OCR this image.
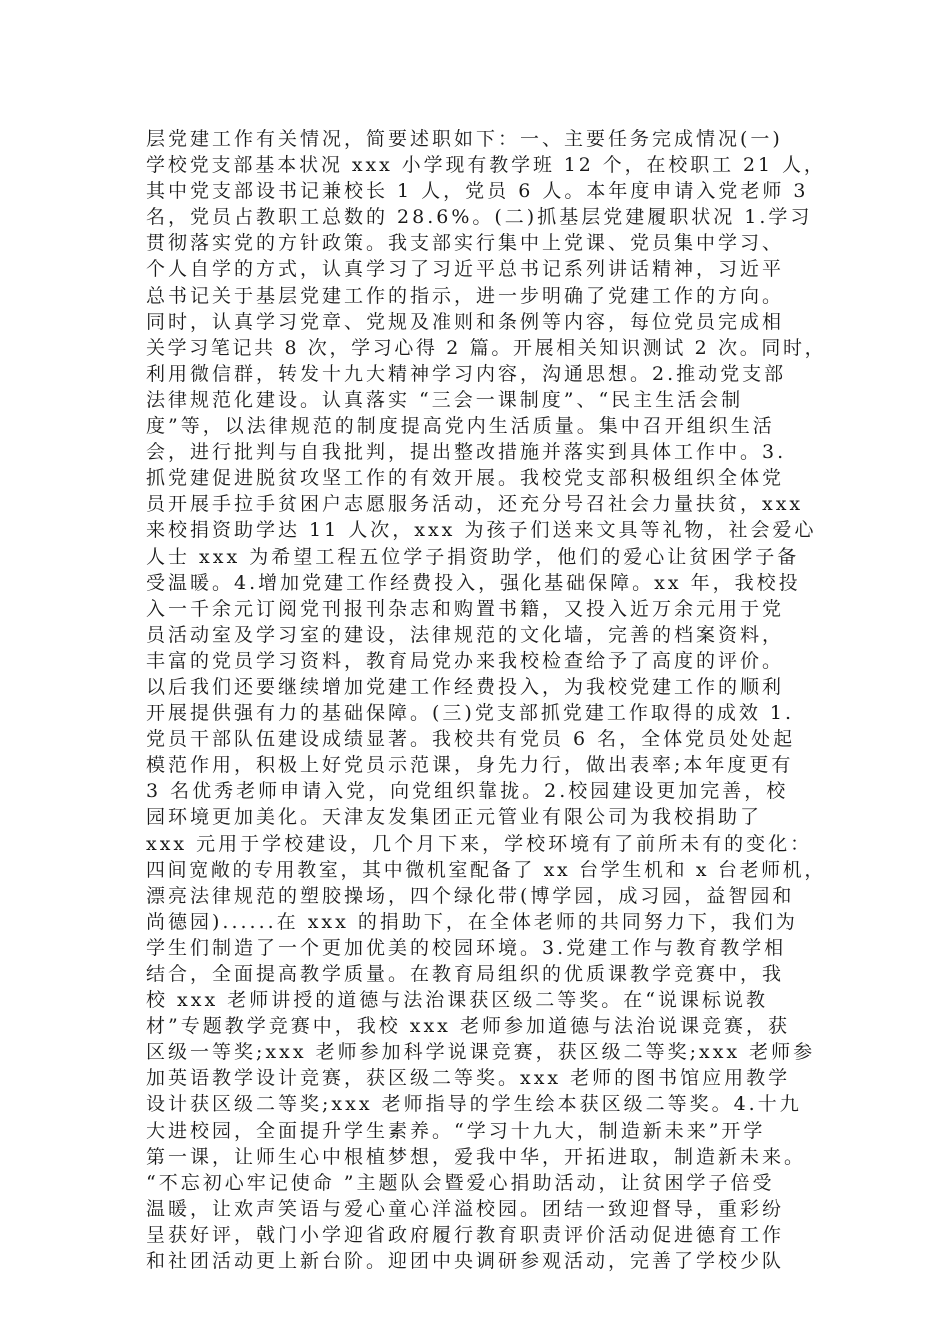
层党建工作有关情况，简要述职如下：一、主要任务完成情况(一)
学校党支部基本状况 xxx 小学现有教学班 12 个，在校职工 21 人，
其中党支部设书记兼校长 1 人，党员 6 人。本年度申请入党老师 3
名，党员占教职工总数的 28.6%。(二)抓基层党建履职状况 1.学习
贯彻落实党的方针政策。我支部实行集中上党课、党员集中学习、
个人自学的方式，认真学习了习近平总书记系列讲话精神，习近平
总书记关于基层党建工作的指示，进一步明确了党建工作的方向。
同时，认真学习党章、党规及准则和条例等内容，每位党员完成相
关学习笔记共 8 次，学习心得 2 篇。开展相关知识测试 2 次。同时，
利用微信群，转发十九大精神学习内容，沟通思想。2.推动党支部
法律规范化建设。认真落实 “三会一课制度”、“民主生活会制
度”等，以法律规范的制度提高党内生活质量。集中召开组织生活
会，进行批判与自我批判，提出整改措施并落实到具体工作中。3.
抓党建促进脱贫攻坚工作的有效开展。我校党支部积极组织全体党
员开展手拉手贫困户志愿服务活动，还充分号召社会力量扶贫，xxx
来校捐资助学达 11 人次，xxx 为孩子们送来文具等礼物，社会爱心
人士 xxx 为希望工程五位学子捐资助学，他们的爱心让贫困学子备
受温暖。4.增加党建工作经费投入，强化基础保障。xx 年，我校投
入一千余元订阅党刊报刊杂志和购置书籍，又投入近万余元用于党
员活动室及学习室的建设，法律规范的文化墙，完善的档案资料，
丰富的党员学习资料，教育局党办来我校检查给予了高度的评价。
以后我们还要继续增加党建工作经费投入，为我校党建工作的顺利
开展提供强有力的基础保障。(三)党支部抓党建工作取得的成效 1.
党员干部队伍建设成绩显著。我校共有党员 6 名，全体党员处处起
模范作用，积极上好党员示范课，身先力行，做出表率;本年度更有
3 名优秀老师申请入党，向党组织靠拢。2.校园建设更加完善，校
园环境更加美化。天津友发集团正元管业有限公司为我校捐助了
xxx 元用于学校建设，几个月下来，学校环境有了前所未有的变化：
四间宽敞的专用教室，其中微机室配备了 xx 台学生机和 x 台老师机，
漂亮法律规范的塑胶操场，四个绿化带(博学园，成习园，益智园和
尚德园)......在 xxx 的捐助下，在全体老师的共同努力下，我们为
学生们制造了一个更加优美的校园环境。3.党建工作与教育教学相
结合，全面提高教学质量。在教育局组织的优质课教学竞赛中，我
校 xxx 老师讲授的道德与法治课获区级二等奖。在“说课标说教
材”专题教学竞赛中，我校 xxx 老师参加道德与法治说课竞赛，获
区级一等奖;xxx 老师参加科学说课竞赛，获区级二等奖;xxx 老师参
加英语教学设计竞赛，获区级二等奖。xxx 老师的图书馆应用教学
设计获区级二等奖;xxx 老师指导的学生绘本获区级二等奖。4.十九
大进校园，全面提升学生素养。“学习十九大，制造新未来”开学
第一课，让师生心中根植梦想，爱我中华，开拓进取，制造新未来。
“不忘初心牢记使命 ”主题队会暨爱心捐助活动，让贫困学子倍受
温暖，让欢声笑语与爱心童心洋溢校园。团结一致迎督导，重彩纷
呈获好评，戟门小学迎省政府履行教育职责评价活动促进德育工作
和社团活动更上新台阶。迎团中央调研参观活动，完善了学校少队
